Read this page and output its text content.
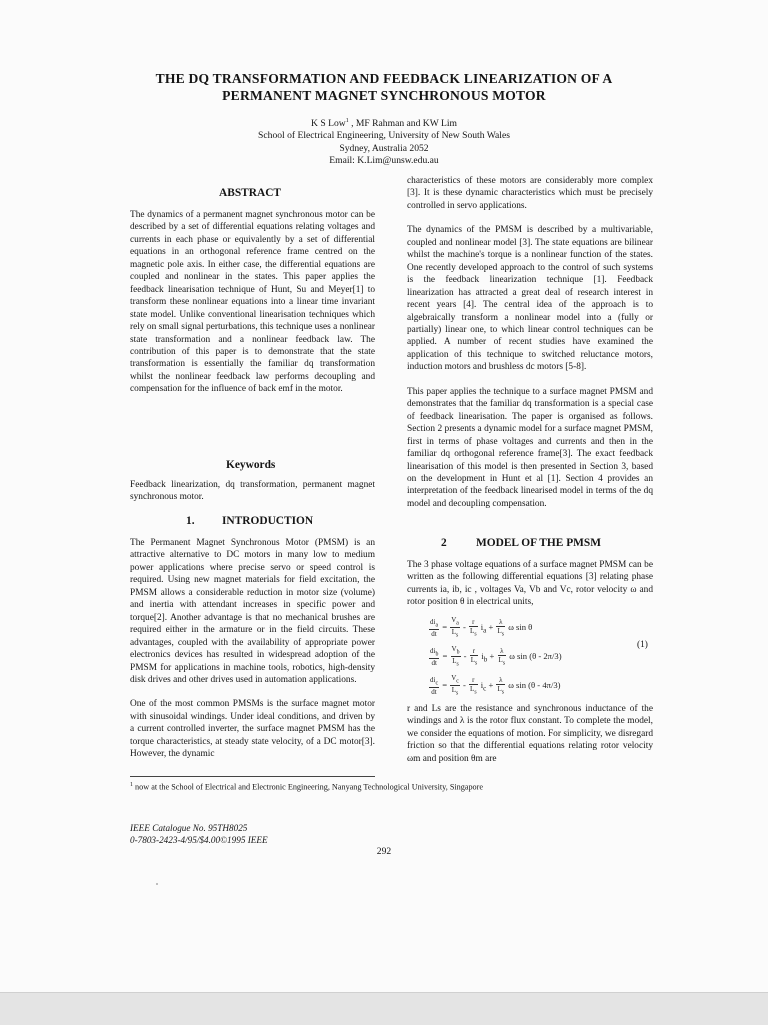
THE DQ TRANSFORMATION AND FEEDBACK LINEARIZATION OF A
PERMANENT MAGNET SYNCHRONOUS MOTOR
K S Low$^1$ , MF Rahman and KW Lim
School of Electrical Engineering, University of New South Wales
Sydney, Australia 2052
Email: K.Lim@unsw.edu.au
ABSTRACT

The dynamics of a permanent magnet synchronous motor can be described by a set of differential equations relating voltages and currents in each phase or equivalently by a set of differential equations in an orthogonal reference frame centred on the magnetic pole axis. In either case, the differential equations are coupled and nonlinear in the states. This paper applies the feedback linearisation technique of Hunt, Su and Meyer[1] to transform these nonlinear equations into a linear time invariant state model. Unlike conventional linearisation techniques which rely on small signal perturbations, this technique uses a nonlinear state transformation and a nonlinear feedback law. The contribution of this paper is to demonstrate that the state transformation is essentially the familiar dq transformation whilst the nonlinear feedback law performs decoupling and compensation for the influence of back emf in the motor.

Keywords

Feedback linearization, dq transformation, permanent magnet synchronous motor.

1. INTRODUCTION

The Permanent Magnet Synchronous Motor (PMSM) is an attractive alternative to DC motors in many low to medium power applications where precise servo or speed control is required. Using new magnet materials for field excitation, the PMSM allows a considerable reduction in motor size (volume) and inertia with attendant increases in specific power and torque[2]. Another advantage is that no mechanical brushes are required either in the armature or in the field circuits. These advantages, coupled with the availability of appropriate power electronics devices has resulted in widespread adoption of the PMSM for applications in machine tools, robotics, high-density disk drives and other drives used in automation applications.

One of the most common PMSMs is the surface magnet motor with sinusoidal windings. Under ideal conditions, and driven by a current controlled inverter, the surface magnet PMSM has the torque characteristics, at steady state velocity, of a DC motor[3]. However, the dynamic

characteristics of these motors are considerably more complex [3]. It is these dynamic characteristics which must be precisely controlled in servo applications.

The dynamics of the PMSM is described by a multivariable, coupled and nonlinear model [3]. The state equations are bilinear whilst the machine's torque is a nonlinear function of the states. One recently developed approach to the control of such systems is the feedback linearization technique [1]. Feedback linearization has attracted a great deal of research interest in recent years [4]. The central idea of the approach is to algebraically transform a nonlinear model into a (fully or partially) linear one, to which linear control techniques can be applied. A number of recent studies have examined the application of this technique to switched reluctance motors, induction motors and brushless dc motors [5-8].

This paper applies the technique to a surface magnet PMSM and demonstrates that the familiar dq transformation is a special case of feedback linearisation. The paper is organised as follows. Section 2 presents a dynamic model for a surface magnet PMSM, first in terms of phase voltages and currents and then in the familiar dq orthogonal reference frame[3]. The exact feedback linearisation of this model is then presented in Section 3, based on the development in Hunt et al [1]. Section 4 provides an interpretation of the feedback linearised model in terms of the dq model and decoupling compensation.

2	MODEL OF THE PMSM

The 3 phase voltage equations of a surface magnet PMSM can be written as the following differential equations [3] relating phase currents ia, ib, ic , voltages Va, Vb and Vc, rotor velocity ω and rotor position θ in electrical units,

$\frac{di_a}{dt} = \frac{V_a}{L_s} - \frac{r}{L_s} i_a + \frac{\lambda}{L_s}$ ω sin θ
$\frac{di_b}{dt} = \frac{V_b}{L_s} - \frac{r}{L_s} i_b + \frac{\lambda}{L_s}$ ω sin (θ - 2π/3)
$\frac{di_c}{dt} = \frac{V_c}{L_s} - \frac{r}{L_s} i_c + \frac{\lambda}{L_s}$ ω sin (θ - 4π/3)
(1)

r and Ls are the resistance and synchronous inductance of the windings and λ is the rotor flux constant. To complete the model, we consider the equations of motion. For simplicity, we disregard friction so that the differential equations relating rotor velocity ωm and position θm are

$^1$ now at the School of Electrical and Electronic Engineering, Nanyang Technological University, Singapore
IEEE Catalogue No. 95TH8025
0-7803-2423-4/95/$4.00©1995 IEEE
292
